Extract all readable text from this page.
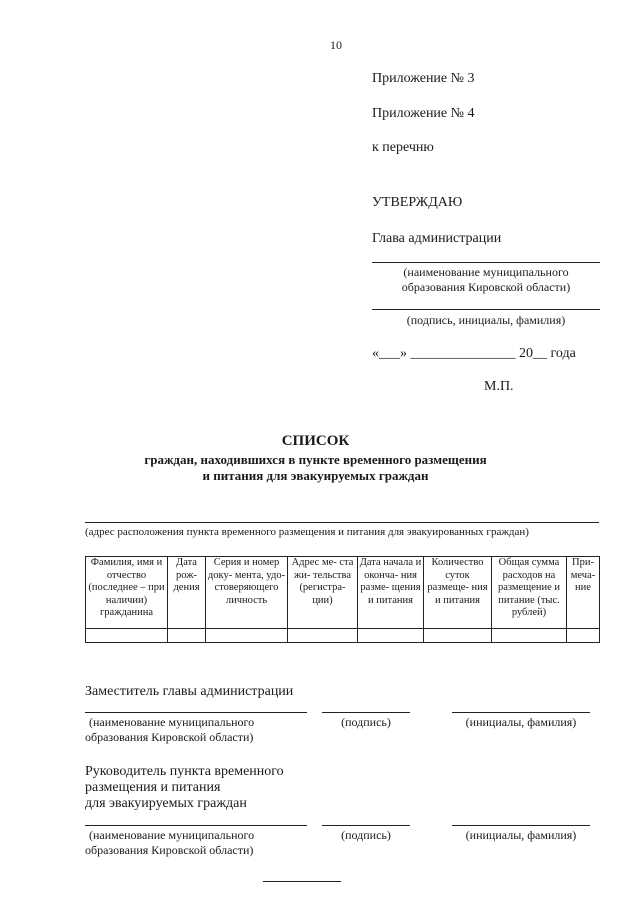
10
Приложение № 3
Приложение № 4
к перечню
УТВЕРЖДАЮ
Глава администрации
(наименование муниципального
образования Кировской области)
(подпись, инициалы, фамилия)
«___» _______________ 20__ года
М.П.
СПИСОК
граждан, находившихся в пункте временного размещения
и питания для эвакуируемых граждан
(адрес расположения пункта временного размещения и питания для эвакуированных граждан)
Фамилия, имя и отчество (последнее – при наличии) гражданина	Дата рож- дения	Серия и номер доку- мента, удо- стоверяющего личность	Адрес ме- ста жи- тельства (регистра- ции)	Дата начала и оконча- ния разме- щения и питания	Количество суток размеще- ния и питания	Общая сумма расходов на размещение и питание (тыс. рублей)	При- меча- ние

Заместитель главы администрации
(наименование муниципального
образования Кировской области)
(подпись)	(инициалы, фамилия)
Руководитель пункта временного
размещения и питания
для эвакуируемых граждан
(наименование муниципального
образования Кировской области)
(подпись)	(инициалы, фамилия)
